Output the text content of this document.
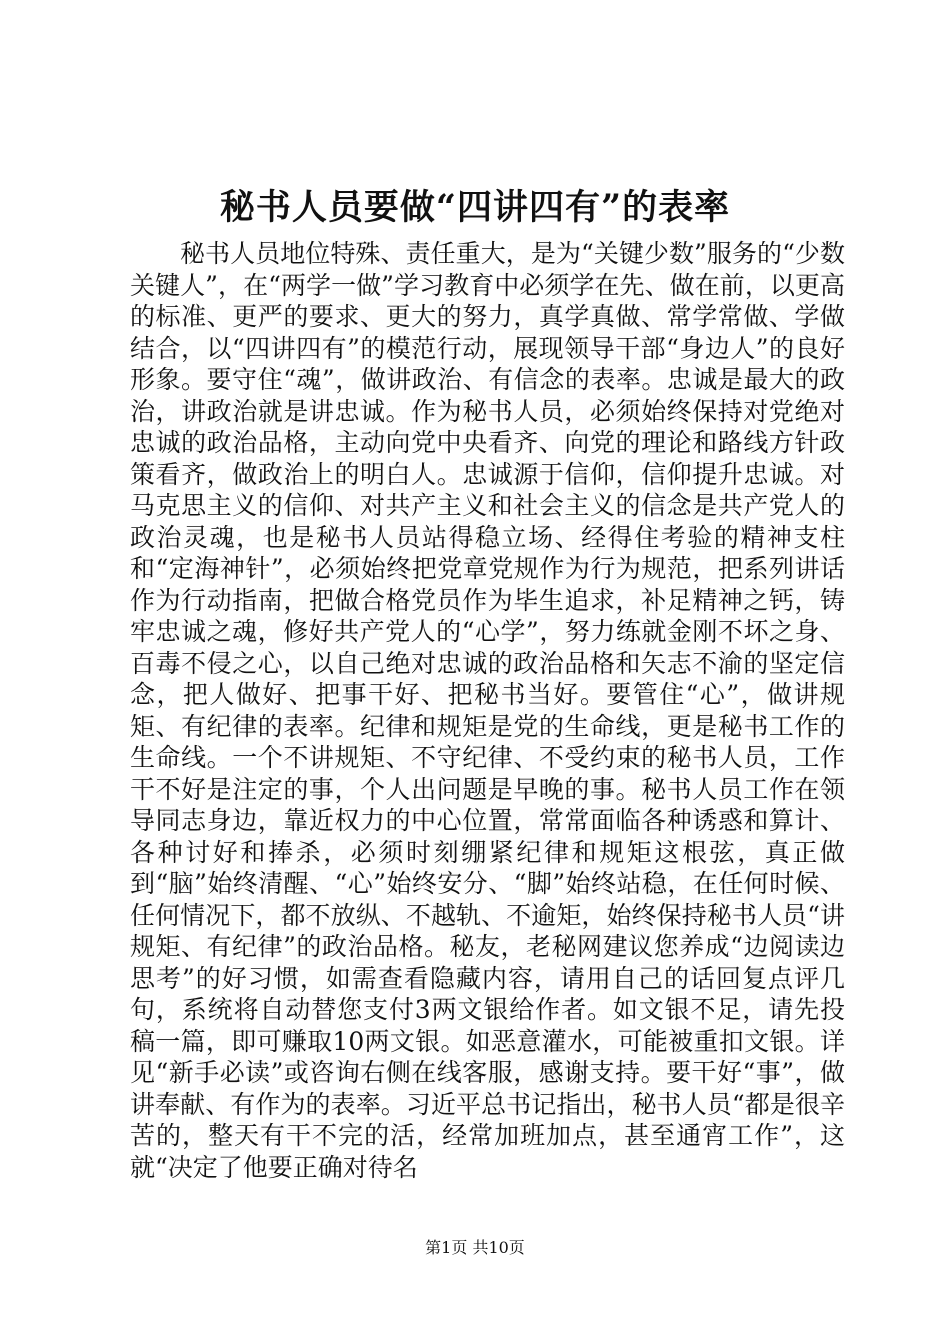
秘书人员要做“四讲四有”的表率

秘书人员地位特殊、责任重大，是为“关键少数”服务的“少数关键人”，在“两学一做”学习教育中必须学在先、做在前，以更高的标准、更严的要求、更大的努力，真学真做、常学常做、学做结合，以“四讲四有”的模范行动，展现领导干部“身边人”的良好形象。要守住“魂”，做讲政治、有信念的表率。忠诚是最大的政治，讲政治就是讲忠诚。作为秘书人员，必须始终保持对党绝对忠诚的政治品格，主动向党中央看齐、向党的理论和路线方针政策看齐，做政治上的明白人。忠诚源于信仰，信仰提升忠诚。对马克思主义的信仰、对共产主义和社会主义的信念是共产党人的政治灵魂，也是秘书人员站得稳立场、经得住考验的精神支柱和“定海神针”，必须始终把党章党规作为行为规范，把系列讲话作为行动指南，把做合格党员作为毕生追求，补足精神之钙，铸牢忠诚之魂，修好共产党人的“心学”，努力练就金刚不坏之身、百毒不侵之心，以自己绝对忠诚的政治品格和矢志不渝的坚定信念，把人做好、把事干好、把秘书当好。要管住“心”，做讲规矩、有纪律的表率。纪律和规矩是党的生命线，更是秘书工作的生命线。一个不讲规矩、不守纪律、不受约束的秘书人员，工作干不好是注定的事，个人出问题是早晚的事。秘书人员工作在领导同志身边，靠近权力的中心位置，常常面临各种诱惑和算计、各种讨好和捧杀，必须时刻绷紧纪律和规矩这根弦，真正做到“脑”始终清醒、“心”始终安分、“脚”始终站稳，在任何时候、任何情况下，都不放纵、不越轨、不逾矩，始终保持秘书人员“讲规矩、有纪律”的政治品格。秘友，老秘网建议您养成“边阅读边思考”的好习惯，如需查看隐藏内容，请用自己的话回复点评几句，系统将自动替您支付3两文银给作者。如文银不足，请先投稿一篇，即可赚取10两文银。如恶意灌水，可能被重扣文银。详见“新手必读”或咨询右侧在线客服，感谢支持。要干好“事”，做讲奉献、有作为的表率。习近平总书记指出，秘书人员“都是很辛苦的，整天有干不完的活，经常加班加点，甚至通宵工作”，这就“决定了他要正确对待名

第1页 共10页
